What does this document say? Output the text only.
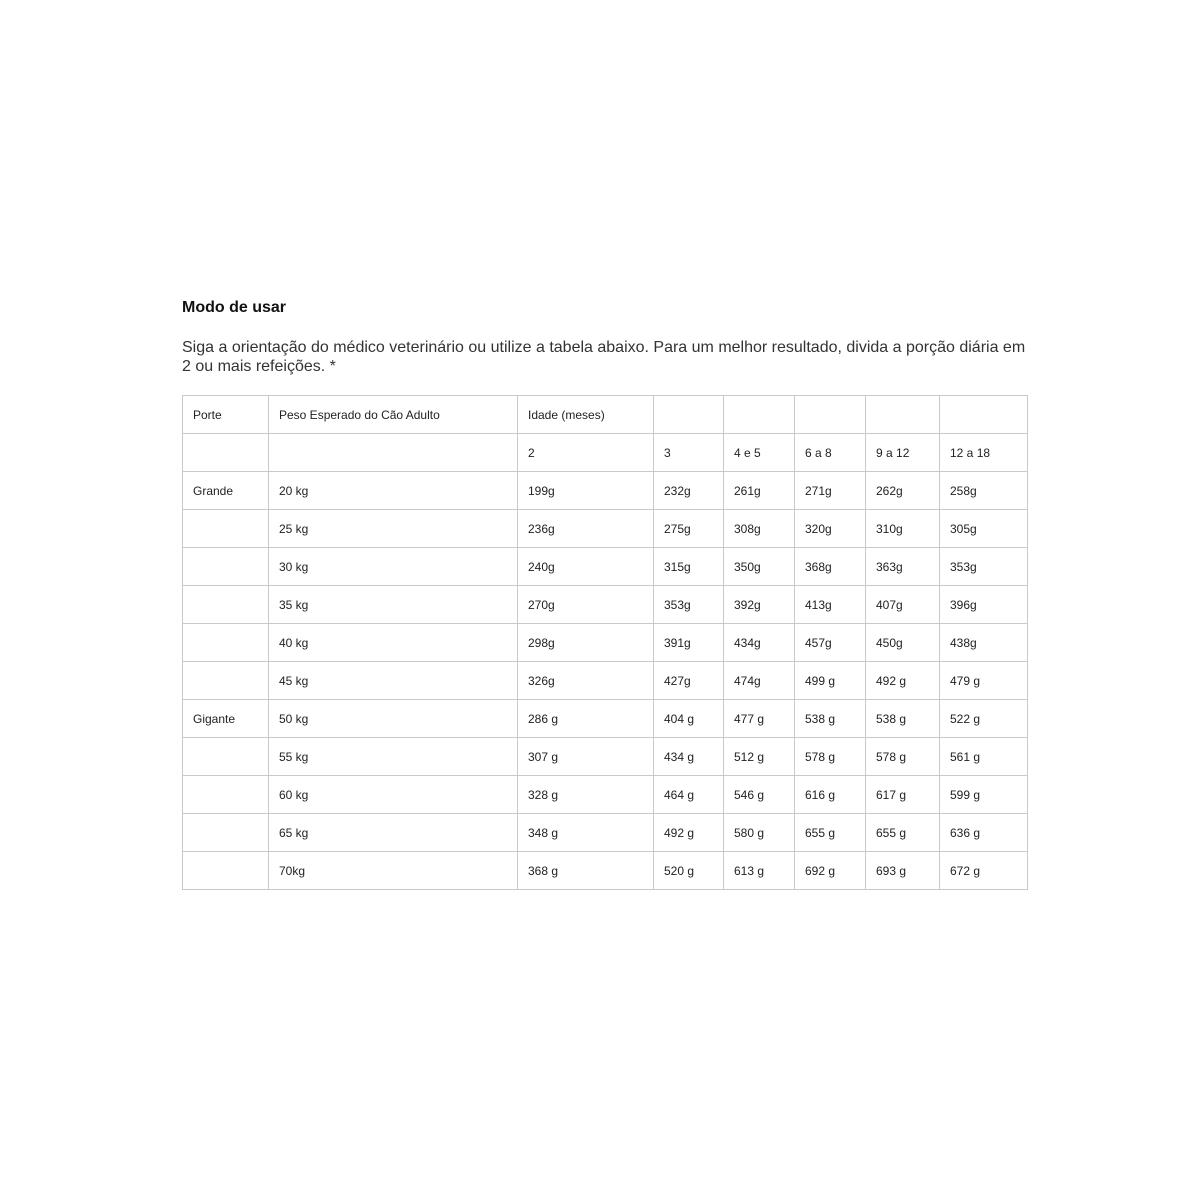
Modo de usar
Siga a orientação do médico veterinário ou utilize a tabela abaixo. Para um melhor resultado, divida a porção diária em 2 ou mais refeições. *
Porte	Peso Esperado do Cão Adulto	Idade (meses)					
		2	3	4 e 5	6 a 8	9 a 12	12 a 18
Grande	20 kg	199g	232g	261g	271g	262g	258g
	25 kg	236g	275g	308g	320g	310g	305g
	30 kg	240g	315g	350g	368g	363g	353g
	35 kg	270g	353g	392g	413g	407g	396g
	40 kg	298g	391g	434g	457g	450g	438g
	45 kg	326g	427g	474g	499 g	492 g	479 g
Gigante	50 kg	286 g	404 g	477 g	538 g	538 g	522 g
	55 kg	307 g	434 g	512 g	578 g	578 g	561 g
	60 kg	328 g	464 g	546 g	616 g	617 g	599 g
	65 kg	348 g	492 g	580 g	655 g	655 g	636 g
	70kg	368 g	520 g	613 g	692 g	693 g	672 g
